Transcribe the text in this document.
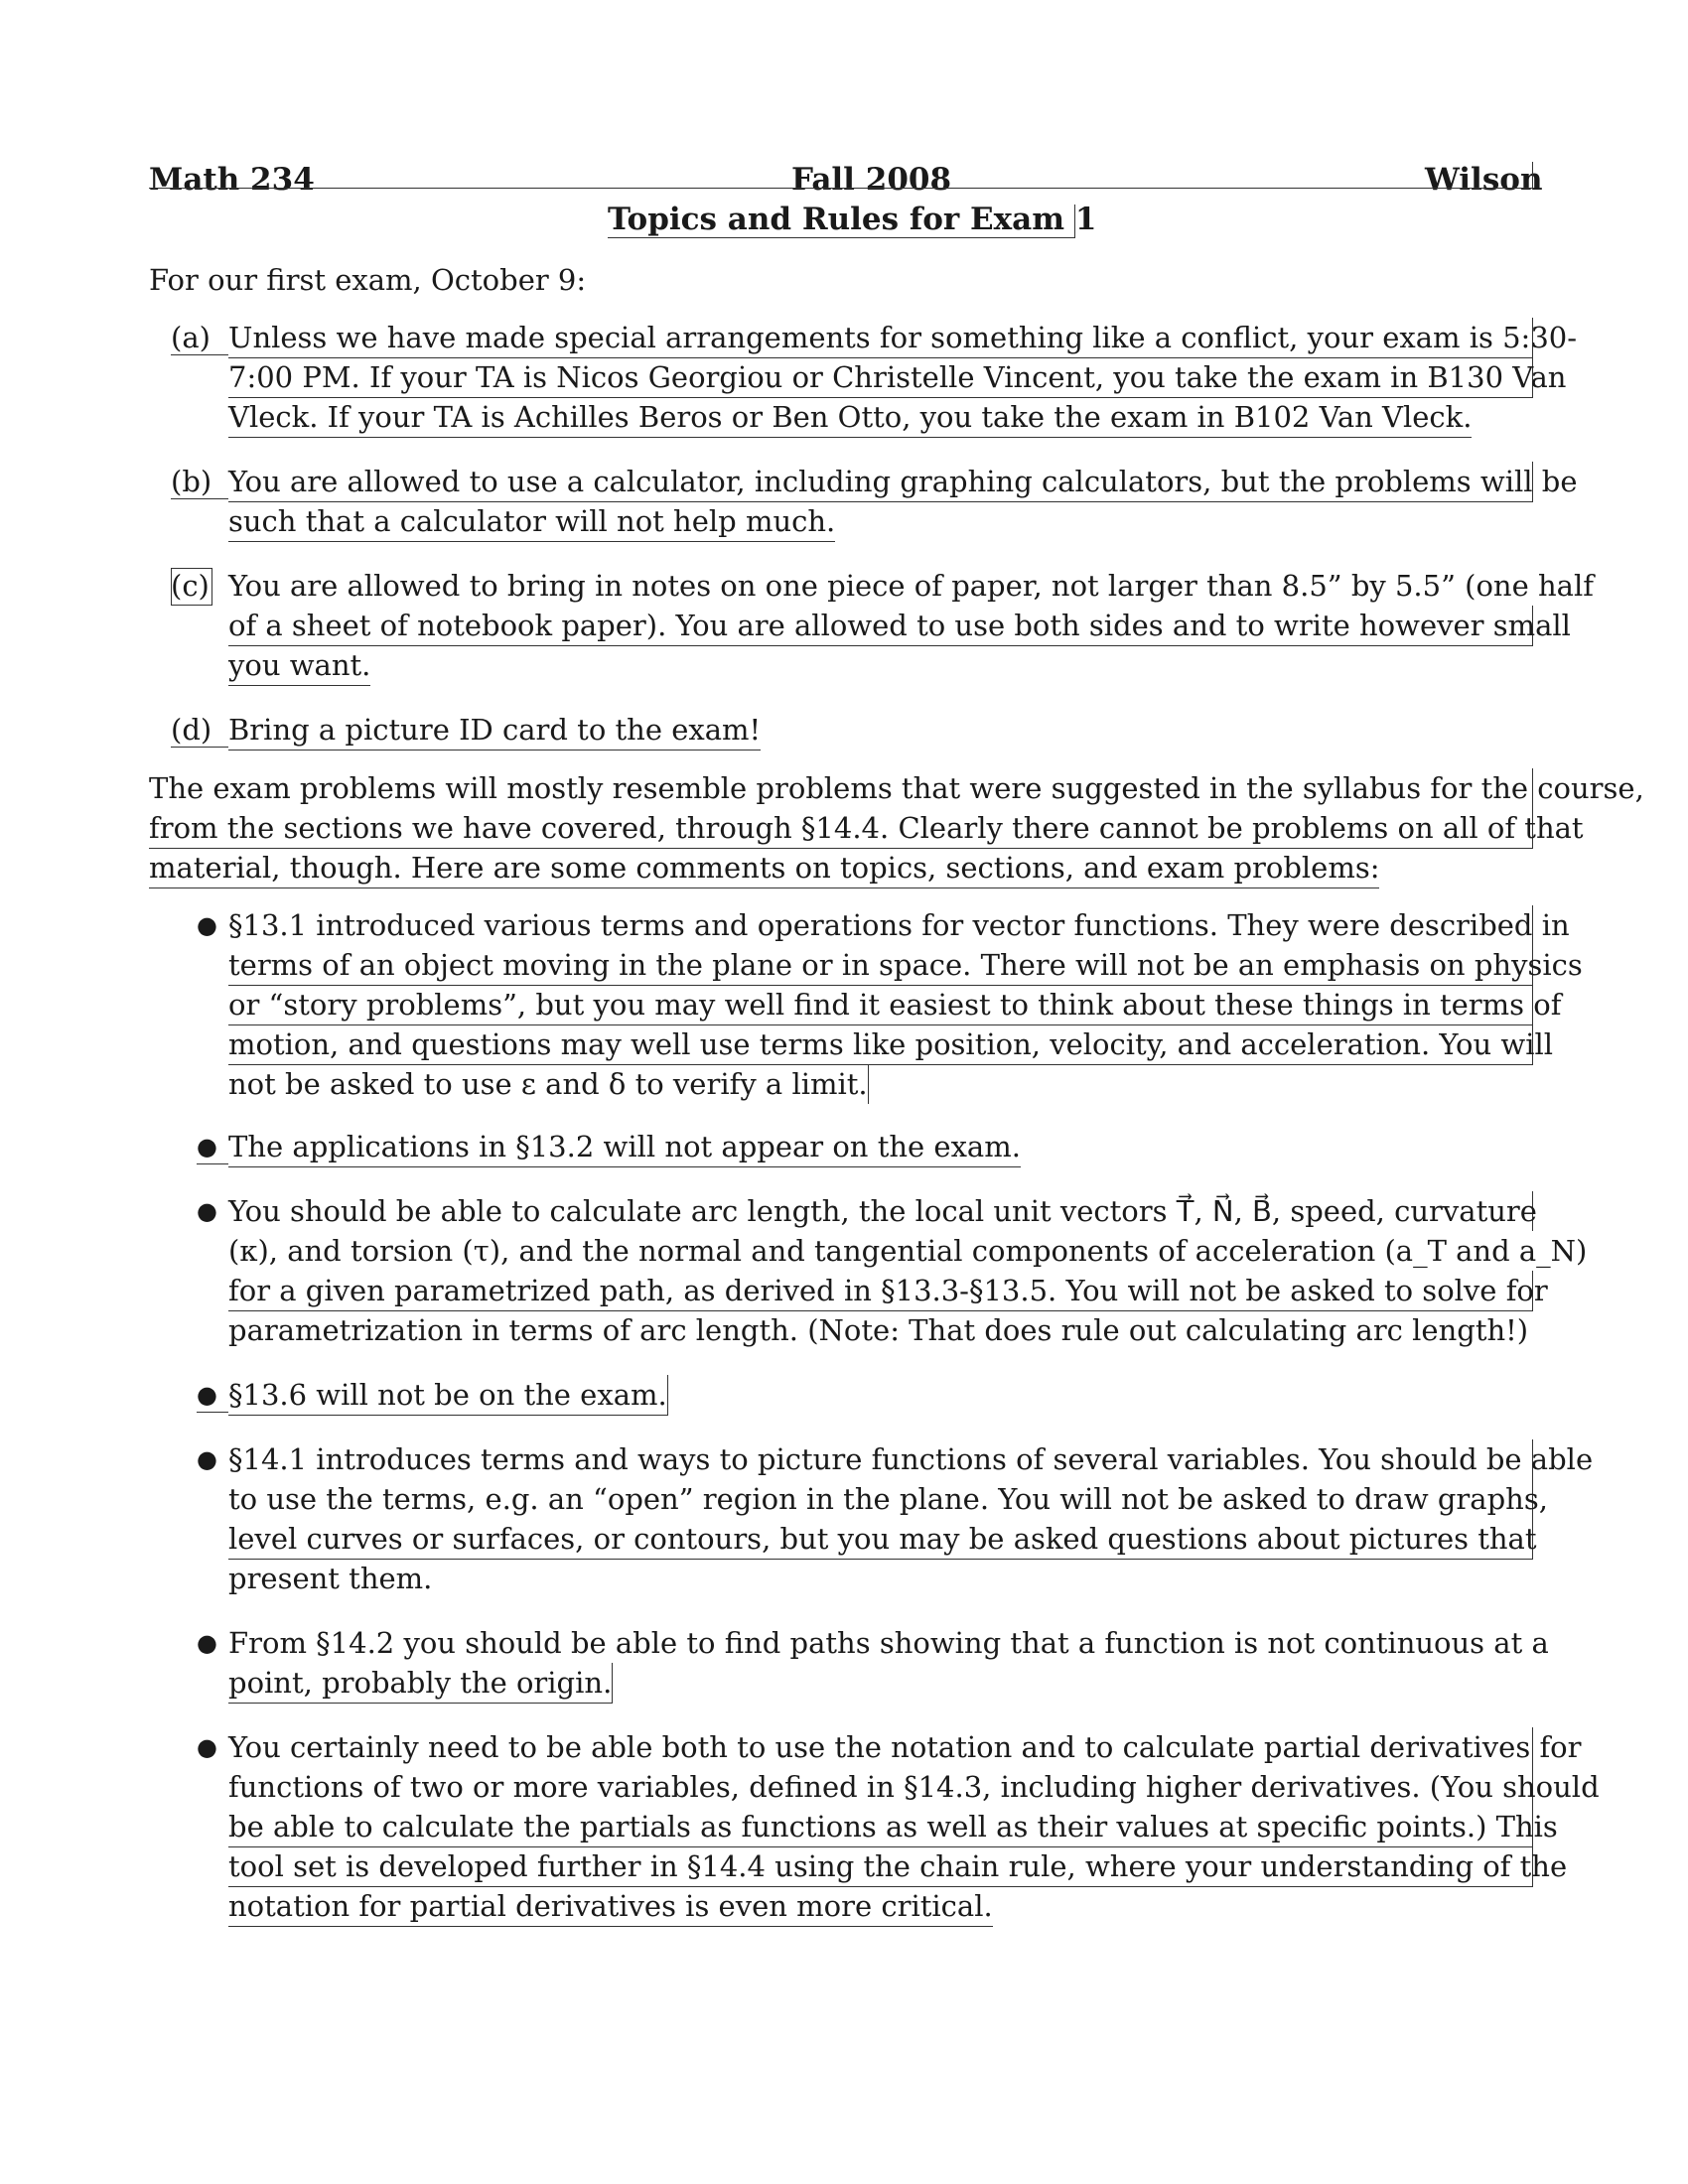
Math 234	Fall 2008	Wilson
Topics and Rules for Exam 1
For our first exam, October 9:
(a) Unless we have made special arrangements for something like a conflict, your exam is 5:30-
7:00 PM. If your TA is Nicos Georgiou or Christelle Vincent, you take the exam in B130 Van
Vleck. If your TA is Achilles Beros or Ben Otto, you take the exam in B102 Van Vleck.
(b) You are allowed to use a calculator, including graphing calculators, but the problems will be
such that a calculator will not help much.
(c) You are allowed to bring in notes on one piece of paper, not larger than 8.5” by 5.5” (one half
of a sheet of notebook paper). You are allowed to use both sides and to write however small
you want.
(d) Bring a picture ID card to the exam!
The exam problems will mostly resemble problems that were suggested in the syllabus for the course,
from the sections we have covered, through §14.4. Clearly there cannot be problems on all of that
material, though. Here are some comments on topics, sections, and exam problems:
● §13.1 introduced various terms and operations for vector functions. They were described in
terms of an object moving in the plane or in space. There will not be an emphasis on physics
or “story problems”, but you may well find it easiest to think about these things in terms of
motion, and questions may well use terms like position, velocity, and acceleration. You will
not be asked to use ε and δ to verify a limit.
● The applications in §13.2 will not appear on the exam.
● You should be able to calculate arc length, the local unit vectors T⃗, N⃗, B⃗, speed, curvature
(κ), and torsion (τ), and the normal and tangential components of acceleration (a_T and a_N)
for a given parametrized path, as derived in §13.3-§13.5. You will not be asked to solve for
parametrization in terms of arc length. (Note: That does rule out calculating arc length!)
● §13.6 will not be on the exam.
● §14.1 introduces terms and ways to picture functions of several variables. You should be able
to use the terms, e.g. an “open” region in the plane. You will not be asked to draw graphs,
level curves or surfaces, or contours, but you may be asked questions about pictures that
present them.
● From §14.2 you should be able to find paths showing that a function is not continuous at a
point, probably the origin.
● You certainly need to be able both to use the notation and to calculate partial derivatives for
functions of two or more variables, defined in §14.3, including higher derivatives. (You should
be able to calculate the partials as functions as well as their values at specific points.) This
tool set is developed further in §14.4 using the chain rule, where your understanding of the
notation for partial derivatives is even more critical.
